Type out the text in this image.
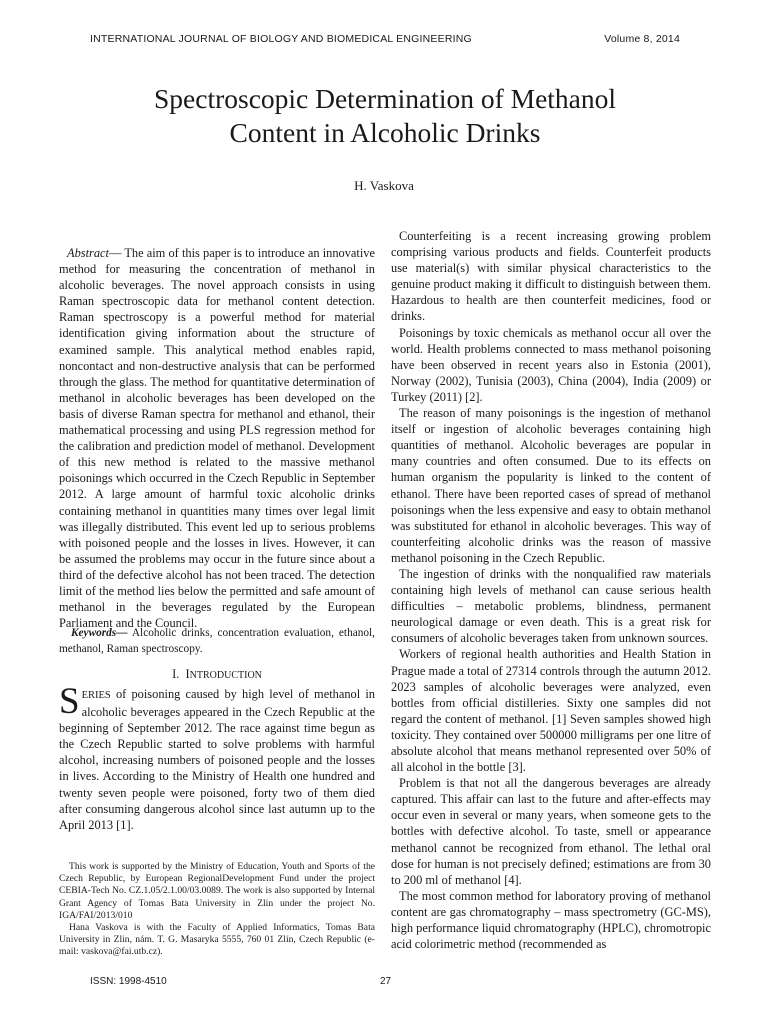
INTERNATIONAL JOURNAL OF BIOLOGY AND BIOMEDICAL ENGINEERING	Volume 8, 2014
Spectroscopic Determination of Methanol
Content in Alcoholic Drinks
H. Vaskova

Abstract— The aim of this paper is to introduce an innovative method for measuring the concentration of methanol in alcoholic beverages. The novel approach consists in using Raman spectroscopic data for methanol content detection. Raman spectroscopy is a powerful method for material identification giving information about the structure of examined sample. This analytical method enables rapid, noncontact and non-destructive analysis that can be performed through the glass. The method for quantitative determination of methanol in alcoholic beverages has been developed on the basis of diverse Raman spectra for methanol and ethanol, their mathematical processing and using PLS regression method for the calibration and prediction model of methanol. Development of this new method is related to the massive methanol poisonings which occurred in the Czech Republic in September 2012. A large amount of harmful toxic alcoholic drinks containing methanol in quantities many times over legal limit was illegally distributed. This event led up to serious problems with poisoned people and the losses in lives. However, it can be assumed the problems may occur in the future since about a third of the defective alcohol has not been traced. The detection limit of the method lies below the permitted and safe amount of methanol in the beverages regulated by the European Parliament and the Council.

Keywords— Alcoholic drinks, concentration evaluation, ethanol, methanol, Raman spectroscopy.

I. INTRODUCTION

SERIES of poisoning caused by high level of methanol in alcoholic beverages appeared in the Czech Republic at the beginning of September 2012. The race against time begun as the Czech Republic started to solve problems with harmful alcohol, increasing numbers of poisoned people and the losses in lives. According to the Ministry of Health one hundred and twenty seven people were poisoned, forty two of them died after consuming dangerous alcohol since last autumn up to the April 2013 [1].

This work is supported by the Ministry of Education, Youth and Sports of the Czech Republic, by European RegionalDevelopment Fund under the project CEBIA-Tech No. CZ.1.05/2.1.00/03.0089. The work is also supported by Internal Grant Agency of Tomas Bata University in Zlin under the project No. IGA/FAI/2013/010

Hana Vaskova is with the Faculty of Applied Informatics, Tomas Bata University in Zlin, nám. T. G. Masaryka 5555, 760 01 Zlín, Czech Republic (e-mail: vaskova@fai.utb.cz).

Counterfeiting is a recent increasing growing problem comprising various products and fields. Counterfeit products use material(s) with similar physical characteristics to the genuine product making it difficult to distinguish between them. Hazardous to health are then counterfeit medicines, food or drinks.

Poisonings by toxic chemicals as methanol occur all over the world. Health problems connected to mass methanol poisoning have been observed in recent years also in Estonia (2001), Norway (2002), Tunisia (2003), China (2004), India (2009) or Turkey (2011) [2].

The reason of many poisonings is the ingestion of methanol itself or ingestion of alcoholic beverages containing high quantities of methanol. Alcoholic beverages are popular in many countries and often consumed. Due to its effects on human organism the popularity is linked to the content of ethanol. There have been reported cases of spread of methanol poisonings when the less expensive and easy to obtain methanol was substituted for ethanol in alcoholic beverages. This way of counterfeiting alcoholic drinks was the reason of massive methanol poisoning in the Czech Republic.

The ingestion of drinks with the nonqualified raw materials containing high levels of methanol can cause serious health difficulties – metabolic problems, blindness, permanent neurological damage or even death. This is a great risk for consumers of alcoholic beverages taken from unknown sources.

Workers of regional health authorities and Health Station in Prague made a total of 27314 controls through the autumn 2012. 2023 samples of alcoholic beverages were analyzed, even bottles from official distilleries. Sixty one samples did not regard the content of methanol. [1] Seven samples showed high toxicity. They contained over 500000 milligrams per one litre of absolute alcohol that means methanol represented over 50% of all alcohol in the bottle [3].

Problem is that not all the dangerous beverages are already captured. This affair can last to the future and after-effects may occur even in several or many years, when someone gets to the bottles with defective alcohol. To taste, smell or appearance methanol cannot be recognized from ethanol. The lethal oral dose for human is not precisely defined; estimations are from 30 to 200 ml of methanol [4].

The most common method for laboratory proving of methanol content are gas chromatography – mass spectrometry (GC-MS), high performance liquid chromatography (HPLC), chromotropic acid colorimetric method (recommended as

ISSN: 1998-4510	27
